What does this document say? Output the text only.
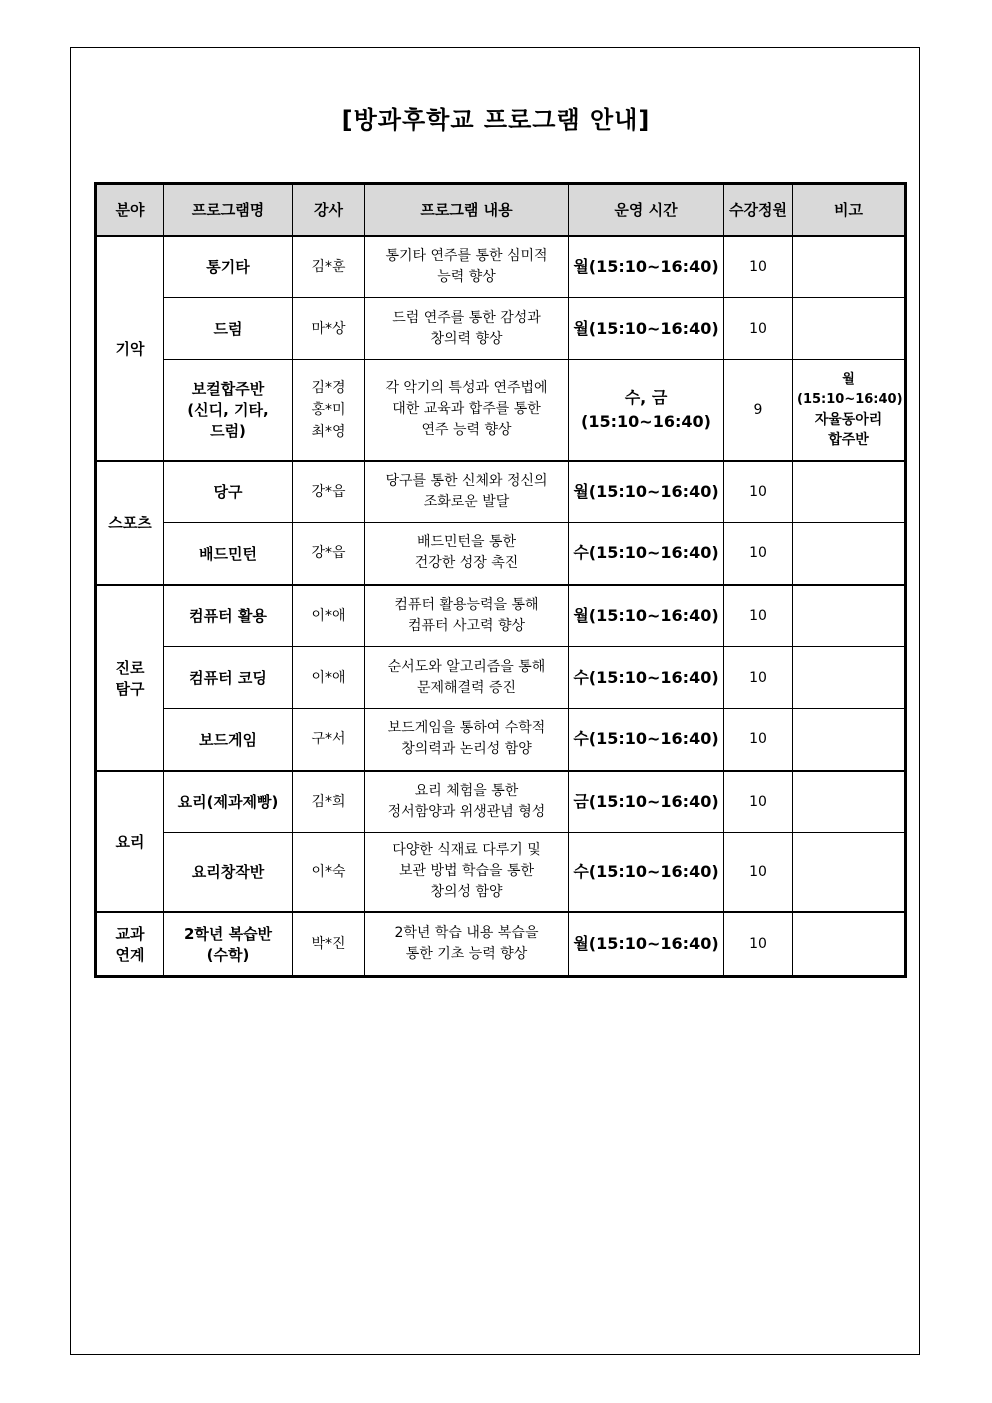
[방과후학교 프로그램 안내]
분야	프로그램명	강사	프로그램 내용	운영 시간	수강정원	비고

기악	통기타	김*훈	통기타 연주를 통한 심미적
능력 향상	월(15:10~16:40)	10	

	드럼	마*상	드럼 연주를 통한 감성과
창의력 향상	월(15:10~16:40)	10	

	보컬합주반
(신디, 기타,
드럼)	김*경
홍*미
최*영	각 악기의 특성과 연주법에
대한 교육과 합주를 통한
연주 능력 향상	수, 금
(15:10~16:40)	9	월
(15:10~16:40)
자율동아리
합주반

스포츠	당구	강*읍	당구를 통한 신체와 정신의
조화로운 발달	월(15:10~16:40)	10	

	배드민턴	강*읍	배드민턴을 통한
건강한 성장 촉진	수(15:10~16:40)	10	

진로
탐구	컴퓨터 활용	이*애	컴퓨터 활용능력을 통해
컴퓨터 사고력 향상	월(15:10~16:40)	10	

	컴퓨터 코딩	이*애	순서도와 알고리즘을 통해
문제해결력 증진	수(15:10~16:40)	10	

	보드게임	구*서	보드게임을 통하여 수학적
창의력과 논리성 함양	수(15:10~16:40)	10	

요리	요리(제과제빵)	김*희	요리 체험을 통한
정서함양과 위생관념 형성	금(15:10~16:40)	10	

	요리창작반	이*숙	다양한 식재료 다루기 및
보관 방법 학습을 통한
창의성 함양	수(15:10~16:40)	10	

교과
연계	2학년 복습반
(수학)	박*진	2학년 학습 내용 복습을
통한 기초 능력 향상	월(15:10~16:40)	10	
